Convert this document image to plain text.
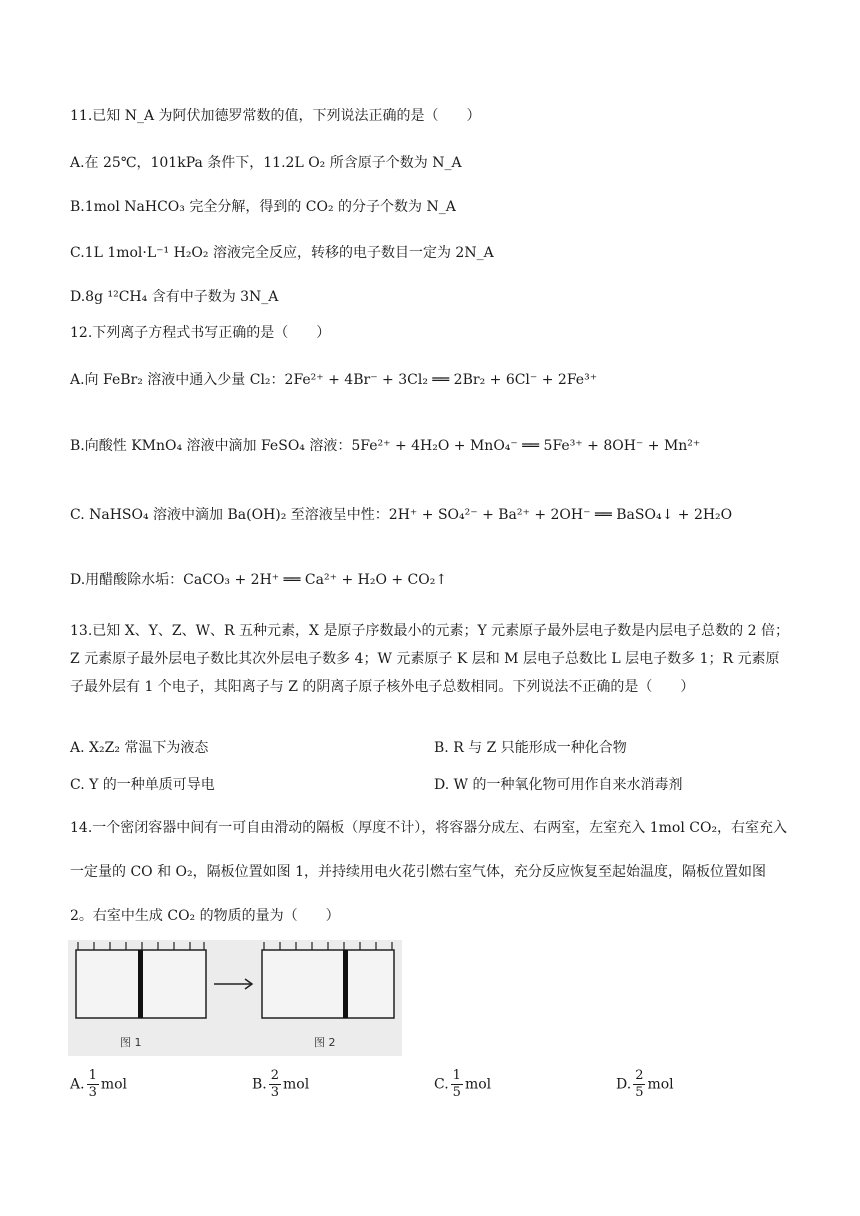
11.已知 N_A 为阿伏加德罗常数的值，下列说法正确的是（　　）
A.在 25℃，101kPa 条件下，11.2L O₂ 所含原子个数为 N_A
B.1mol NaHCO₃ 完全分解，得到的 CO₂ 的分子个数为 N_A
C.1L 1mol·L⁻¹ H₂O₂ 溶液完全反应，转移的电子数目一定为 2N_A
D.8g ¹²CH₄ 含有中子数为 3N_A
12.下列离子方程式书写正确的是（　　）
A.向 FeBr₂ 溶液中通入少量 Cl₂：2Fe²⁺ + 4Br⁻ + 3Cl₂ ══ 2Br₂ + 6Cl⁻ + 2Fe³⁺
B.向酸性 KMnO₄ 溶液中滴加 FeSO₄ 溶液：5Fe²⁺ + 4H₂O + MnO₄⁻ ══ 5Fe³⁺ + 8OH⁻ + Mn²⁺
C. NaHSO₄ 溶液中滴加 Ba(OH)₂ 至溶液呈中性：2H⁺ + SO₄²⁻ + Ba²⁺ + 2OH⁻ ══ BaSO₄↓ + 2H₂O
D.用醋酸除水垢：CaCO₃ + 2H⁺ ══ Ca²⁺ + H₂O + CO₂↑
13.已知 X、Y、Z、W、R 五种元素，X 是原子序数最小的元素；Y 元素原子最外层电子数是内层电子总数的 2 倍；Z 元素原子最外层电子数比其次外层电子数多 4；W 元素原子 K 层和 M 层电子总数比 L 层电子数多 1；R 元素原子最外层有 1 个电子，其阳离子与 Z 的阴离子原子核外电子总数相同。下列说法不正确的是（　　）
A. X₂Z₂ 常温下为液态	B. R 与 Z 只能形成一种化合物
C. Y 的一种单质可导电	D. W 的一种氧化物可用作自来水消毒剂
14.一个密闭容器中间有一可自由滑动的隔板（厚度不计），将容器分成左、右两室，左室充入 1mol CO₂，右室充入一定量的 CO 和 O₂，隔板位置如图 1，并持续用电火花引燃右室气体，充分反应恢复至起始温度，隔板位置如图 2。右室中生成 CO₂ 的物质的量为（　　）
图 1	图 2
A. $\frac{1}{3}$ mol	B. $\frac{2}{3}$ mol	C. $\frac{1}{5}$ mol	D. $\frac{2}{5}$ mol
